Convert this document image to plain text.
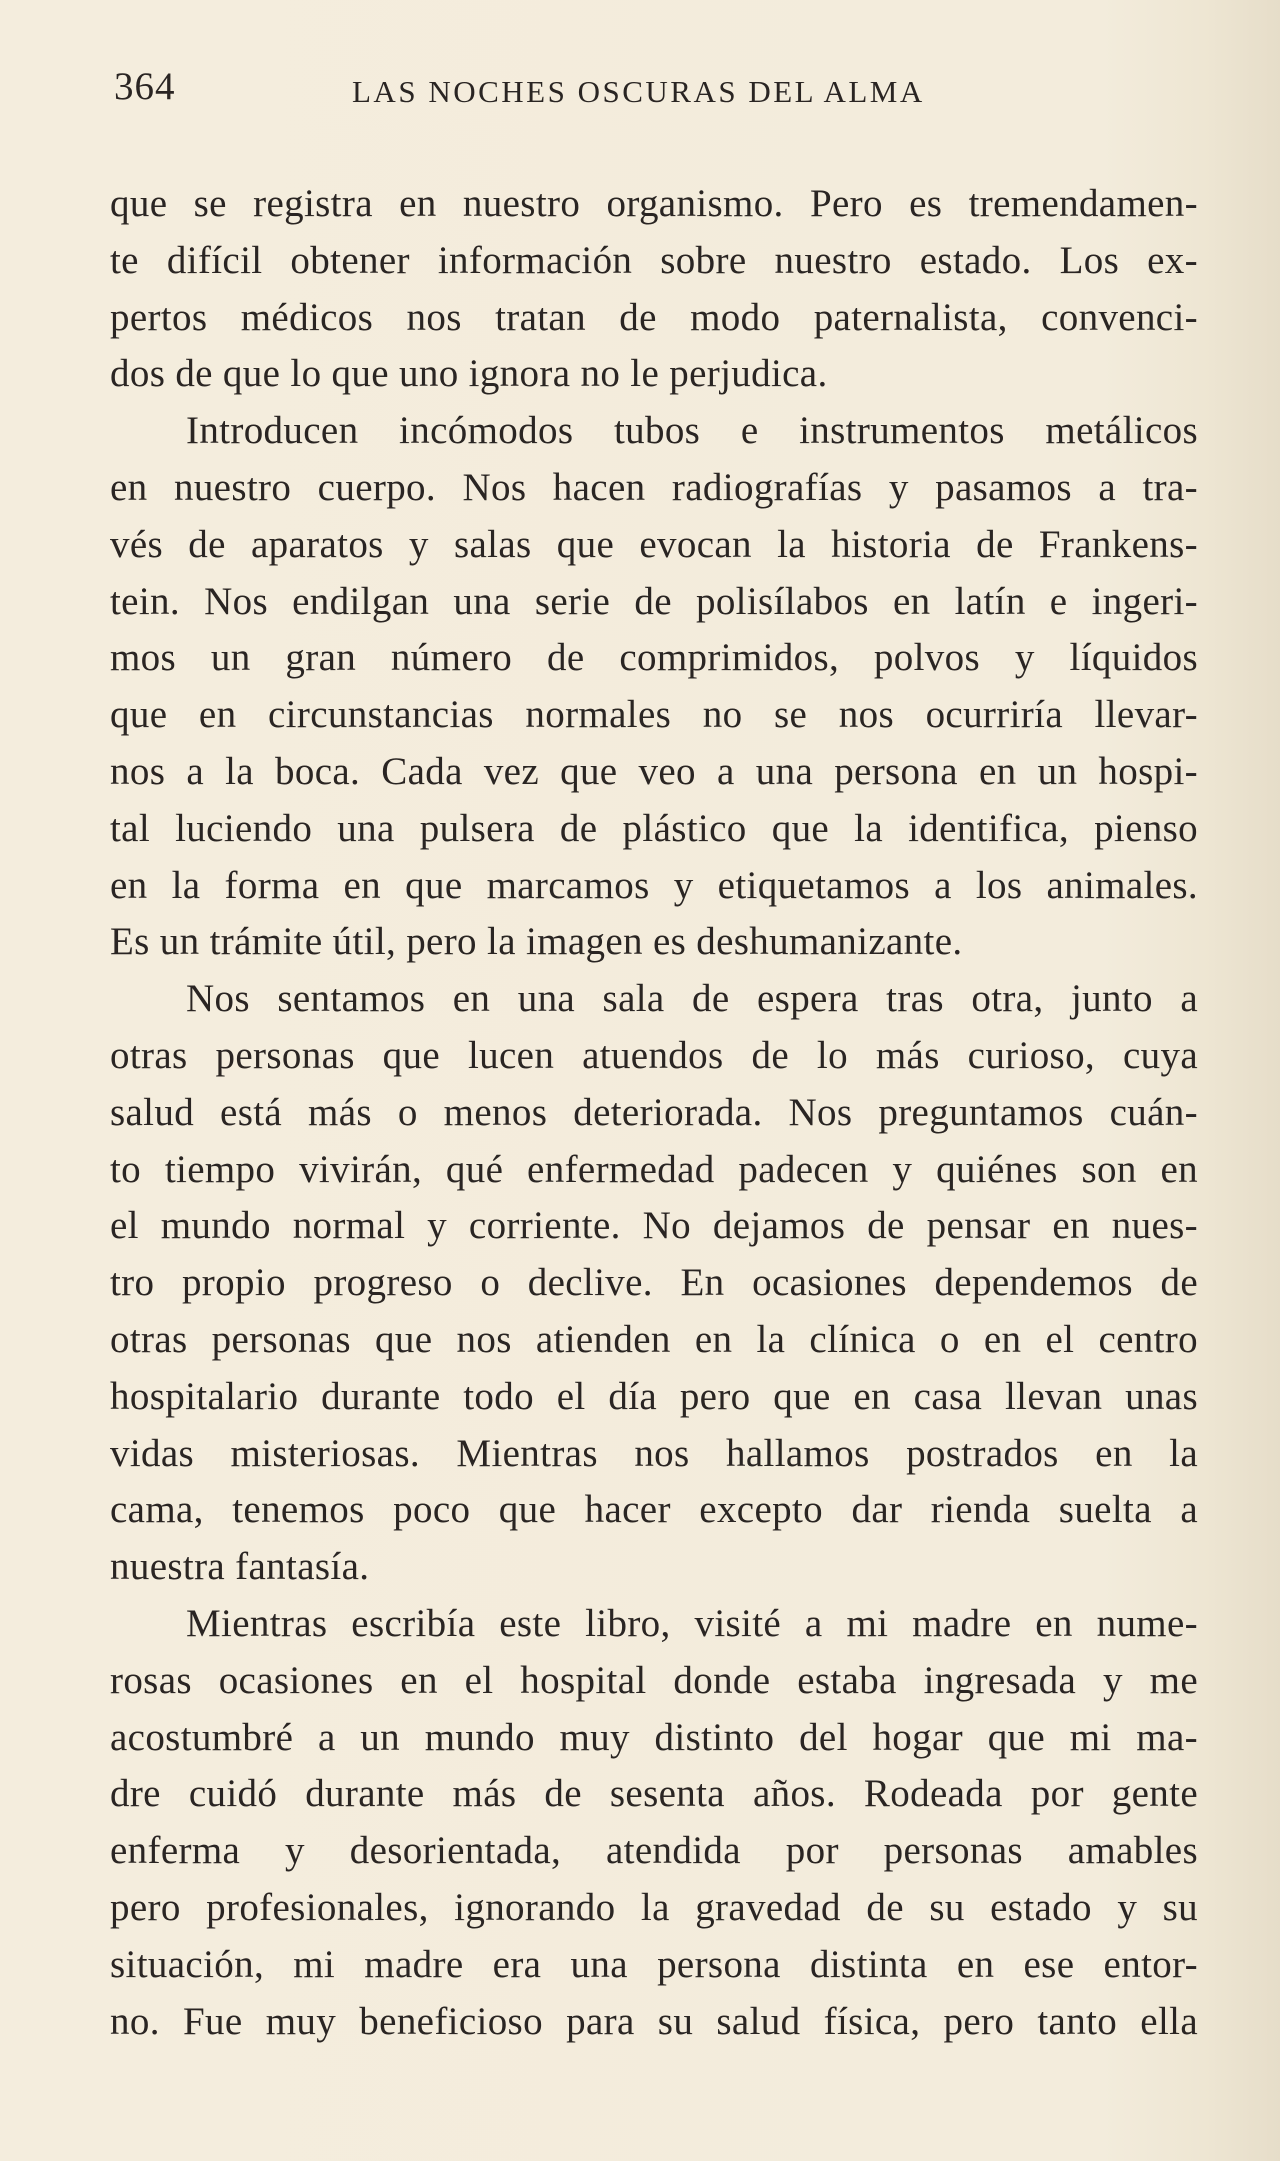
364	LAS NOCHES OSCURAS DEL ALMA
que se registra en nuestro organismo. Pero es tremendamen-
te difícil obtener información sobre nuestro estado. Los ex-
pertos médicos nos tratan de modo paternalista, convenci-
dos de que lo que uno ignora no le perjudica.
Introducen incómodos tubos e instrumentos metálicos
en nuestro cuerpo. Nos hacen radiografías y pasamos a tra-
vés de aparatos y salas que evocan la historia de Frankens-
tein. Nos endilgan una serie de polisílabos en latín e ingeri-
mos un gran número de comprimidos, polvos y líquidos
que en circunstancias normales no se nos ocurriría llevar-
nos a la boca. Cada vez que veo a una persona en un hospi-
tal luciendo una pulsera de plástico que la identifica, pienso
en la forma en que marcamos y etiquetamos a los animales.
Es un trámite útil, pero la imagen es deshumanizante.
Nos sentamos en una sala de espera tras otra, junto a
otras personas que lucen atuendos de lo más curioso, cuya
salud está más o menos deteriorada. Nos preguntamos cuán-
to tiempo vivirán, qué enfermedad padecen y quiénes son en
el mundo normal y corriente. No dejamos de pensar en nues-
tro propio progreso o declive. En ocasiones dependemos de
otras personas que nos atienden en la clínica o en el centro
hospitalario durante todo el día pero que en casa llevan unas
vidas misteriosas. Mientras nos hallamos postrados en la
cama, tenemos poco que hacer excepto dar rienda suelta a
nuestra fantasía.
Mientras escribía este libro, visité a mi madre en nume-
rosas ocasiones en el hospital donde estaba ingresada y me
acostumbré a un mundo muy distinto del hogar que mi ma-
dre cuidó durante más de sesenta años. Rodeada por gente
enferma y desorientada, atendida por personas amables
pero profesionales, ignorando la gravedad de su estado y su
situación, mi madre era una persona distinta en ese entor-
no. Fue muy beneficioso para su salud física, pero tanto ella
